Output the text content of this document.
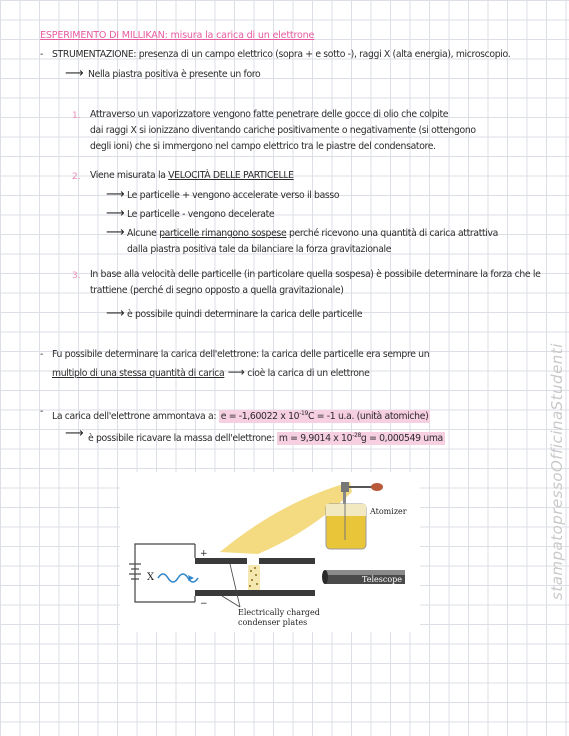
ESPERIMENTO DI MILLIKAN: misura la carica di un elettrone
- STRUMENTAZIONE: presenza di un campo elettrico (sopra + e sotto -), raggi X (alta energia), microscopio.
⟶ Nella piastra positiva è presente un foro
1. Attraverso un vaporizzatore vengono fatte penetrare delle gocce di olio che colpite
dai raggi X si ionizzano diventando cariche positivamente o negativamente (si ottengono
degli ioni) che si immergono nel campo elettrico tra le piastre del condensatore.
2. Viene misurata la VELOCITÀ DELLE PARTICELLE
⟶ Le particelle + vengono accelerate verso il basso
⟶ Le particelle - vengono decelerate
⟶ Alcune particelle rimangono sospese perché ricevono una quantità di carica attrattiva
dalla piastra positiva tale da bilanciare la forza gravitazionale
3. In base alla velocità delle particelle (in particolare quella sospesa) è possibile determinare la forza che le
trattiene (perché di segno opposto a quella gravitazionale)
⟶ è possibile quindi determinare la carica delle particelle
- Fu possibile determinare la carica dell'elettrone: la carica delle particelle era sempre un
multiplo di una stessa quantità di carica ⟶ cioè la carica di un elettrone
- La carica dell'elettrone ammontava a: e = -1,60022 x $10^{-19}C = -1$ u.a. (unità atomiche)
⟶ è possibile ricavare la massa dell'elettrone: m = 9,9014 x $10^{-28}g = 0,000549$ uma
+
−
X
Atomizer
Telescope
Electrically charged
condenser plates
stampatopressoOfficinaStudenti
